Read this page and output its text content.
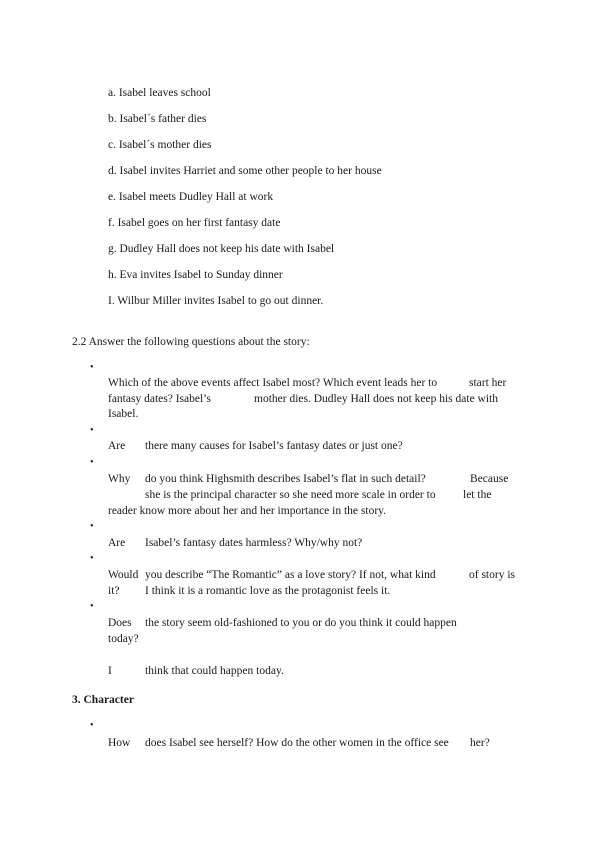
a. Isabel leaves school
b. Isabel´s father dies
c. Isabel´s mother dies
d. Isabel invites Harriet and some other people to her house
e. Isabel meets Dudley Hall at work
f. Isabel goes on her first fantasy date
g. Dudley Hall does not keep his date with Isabel
h. Eva invites Isabel to Sunday dinner
I. Wilbur Miller invites Isabel to go out dinner.
2.2 Answer the following questions about the story:
•
Which of the above events affect Isabel most? Which event leads her to	start her
fantasy dates? Isabel’s	mother dies. Dudley Hall does not keep his date with
Isabel.
•
Are there many causes for Isabel’s fantasy dates or just one?
•
Why do you think Highsmith describes Isabel’s flat in such detail?	Because
she is the principal character so she need more scale in order to let the
reader know more about her and her importance in the story.
•
Are Isabel’s fantasy dates harmless? Why/why not?
•
Would you describe “The Romantic” as a love story? If not, what kind	of story is
it? I think it is a romantic love as the protagonist feels it.
•
Does the story seem old-fashioned to you or do you think it could happen
today?
I	think that could happen today.
3. Character
•
How does Isabel see herself? How do the other women in the office see her?
